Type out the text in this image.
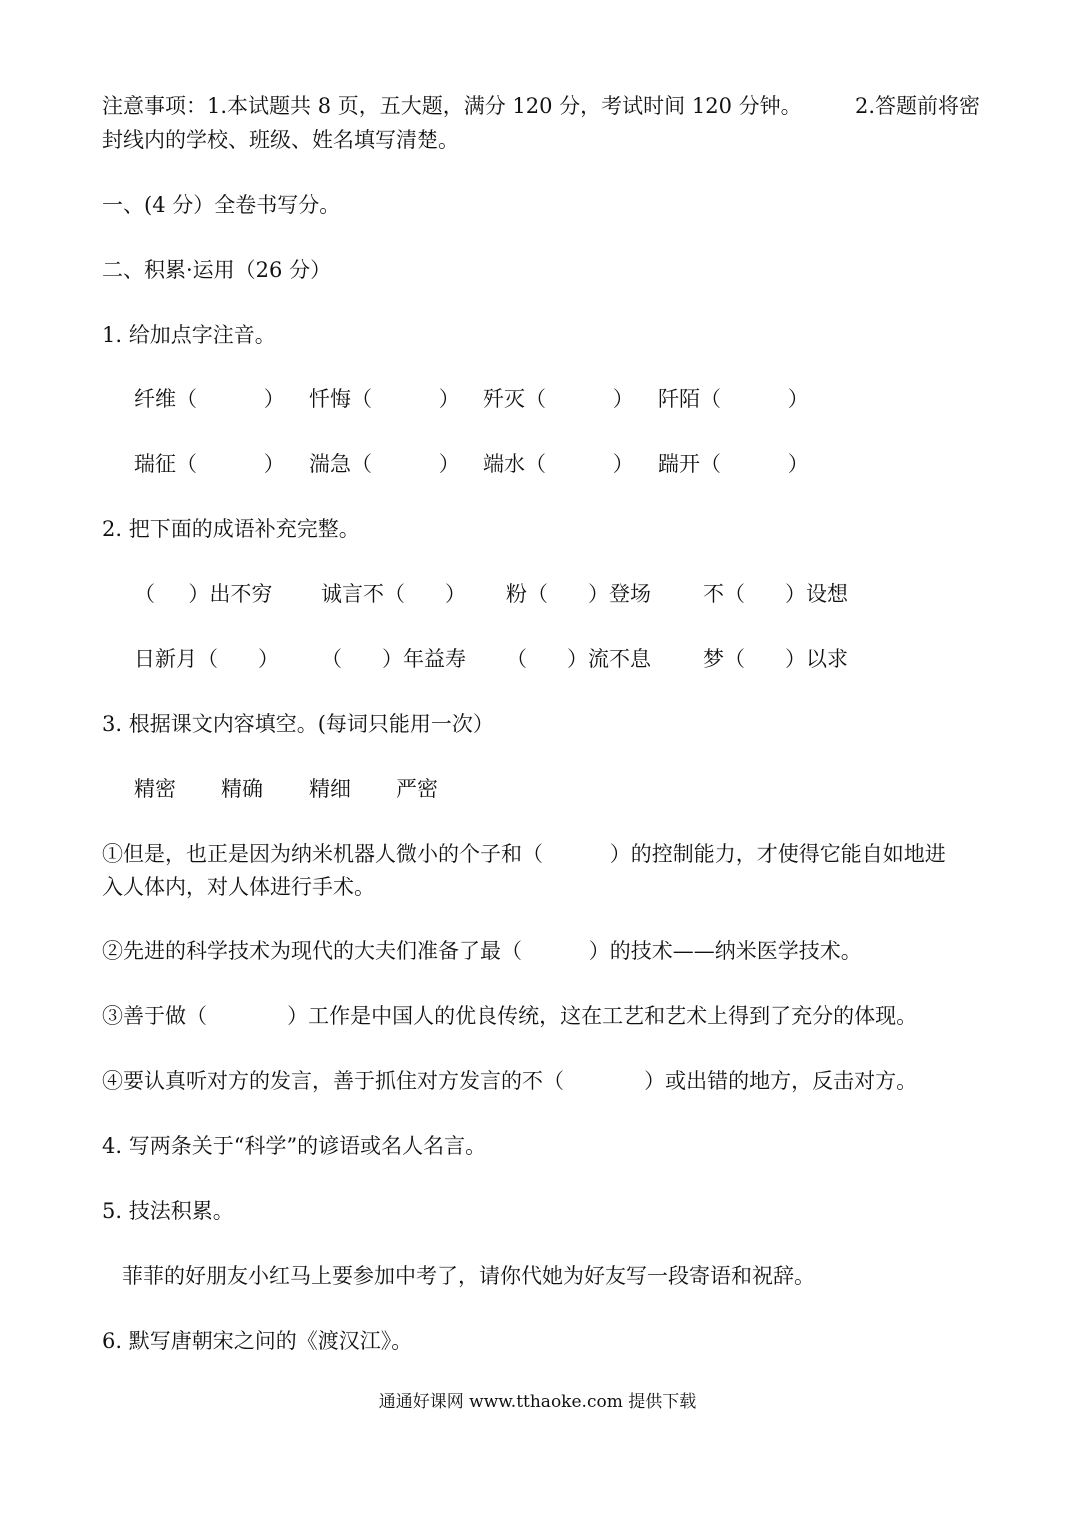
注意事项：1.本试题共 8 页，五大题，满分 120 分，考试时间 120 分钟。        2.答题前将密
封线内的学校、班级、姓名填写清楚。
一、(4 分）全卷书写分。
二、积累·运用（26 分）
1. 给加点字注音。

纤维（          ）

忏悔（          ）

歼灭（          ）

阡陌（          ）

瑞征（          ）

湍急（          ）

端水（          ）

踹开（          ）

2. 把下面的成语补充完整。

（     ）出不穷

诚言不（      ）

粉（      ）登场

不（      ）设想

日新月（      ）

（      ）年益寿

（      ）流不息

梦（      ）以求

3. 根据课文内容填空。(每词只能用一次）

精密

精确

精细

严密

①但是，也正是因为纳米机器人微小的个子和（          ）的控制能力，才使得它能自如地进
入人体内，对人体进行手术。
②先进的科学技术为现代的大夫们准备了最（          ）的技术——纳米医学技术。
③善于做（            ）工作是中国人的优良传统，这在工艺和艺术上得到了充分的体现。
④要认真听对方的发言，善于抓住对方发言的不（            ）或出错的地方，反击对方。
4. 写两条关于“科学”的谚语或名人名言。
5. 技法积累。
菲菲的好朋友小红马上要参加中考了，请你代她为好友写一段寄语和祝辞。
6. 默写唐朝宋之问的《渡汉江》。
通通好课网 www.tthaoke.com 提供下载
